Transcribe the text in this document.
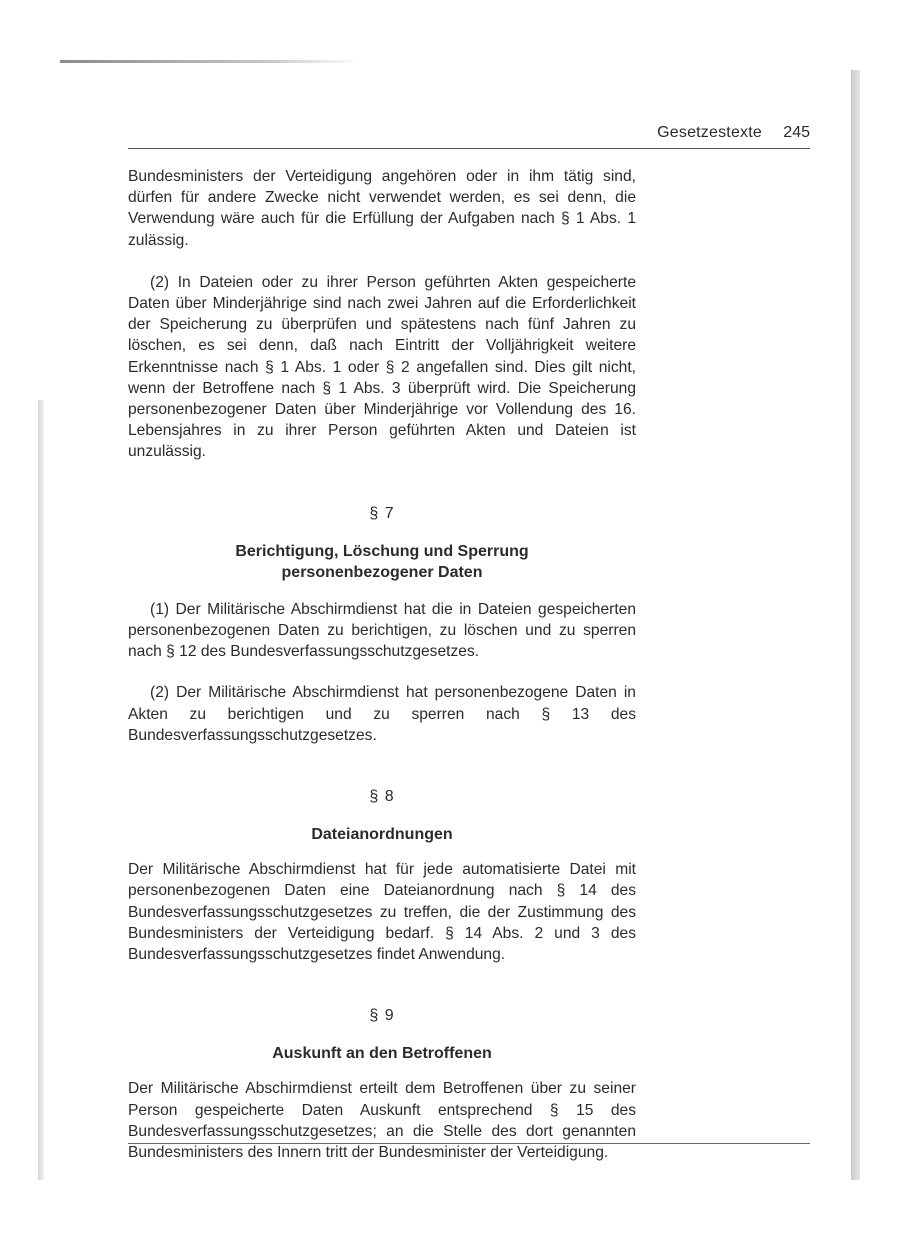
Gesetzestexte 245

Bundesministers der Verteidigung angehören oder in ihm tätig sind, dürfen für andere Zwecke nicht verwendet werden, es sei denn, die Verwendung wäre auch für die Erfüllung der Aufgaben nach § 1 Abs. 1 zulässig.

(2) In Dateien oder zu ihrer Person geführten Akten gespeicherte Daten über Minderjährige sind nach zwei Jahren auf die Erforderlichkeit der Speicherung zu überprüfen und spätestens nach fünf Jahren zu löschen, es sei denn, daß nach Eintritt der Volljährigkeit weitere Erkenntnisse nach § 1 Abs. 1 oder § 2 angefallen sind. Dies gilt nicht, wenn der Betroffene nach § 1 Abs. 3 überprüft wird. Die Speicherung personenbezogener Daten über Minderjährige vor Vollendung des 16. Lebensjahres in zu ihrer Person geführten Akten und Dateien ist unzulässig.

§ 7

Berichtigung, Löschung und Sperrung
personenbezogener Daten

(1) Der Militärische Abschirmdienst hat die in Dateien gespeicherten personenbezogenen Daten zu berichtigen, zu löschen und zu sperren nach § 12 des Bundesverfassungsschutzgesetzes.

(2) Der Militärische Abschirmdienst hat personenbezogene Daten in Akten zu berichtigen und zu sperren nach § 13 des Bundesverfassungsschutzgesetzes.

§ 8

Dateianordnungen

Der Militärische Abschirmdienst hat für jede automatisierte Datei mit personenbezogenen Daten eine Dateianordnung nach § 14 des Bundesverfassungsschutzgesetzes zu treffen, die der Zustimmung des Bundesministers der Verteidigung bedarf. § 14 Abs. 2 und 3 des Bundesverfassungsschutzgesetzes findet Anwendung.

§ 9

Auskunft an den Betroffenen

Der Militärische Abschirmdienst erteilt dem Betroffenen über zu seiner Person gespeicherte Daten Auskunft entsprechend § 15 des Bundesverfassungsschutzgesetzes; an die Stelle des dort genannten Bundesministers des Innern tritt der Bundesminister der Verteidigung.
